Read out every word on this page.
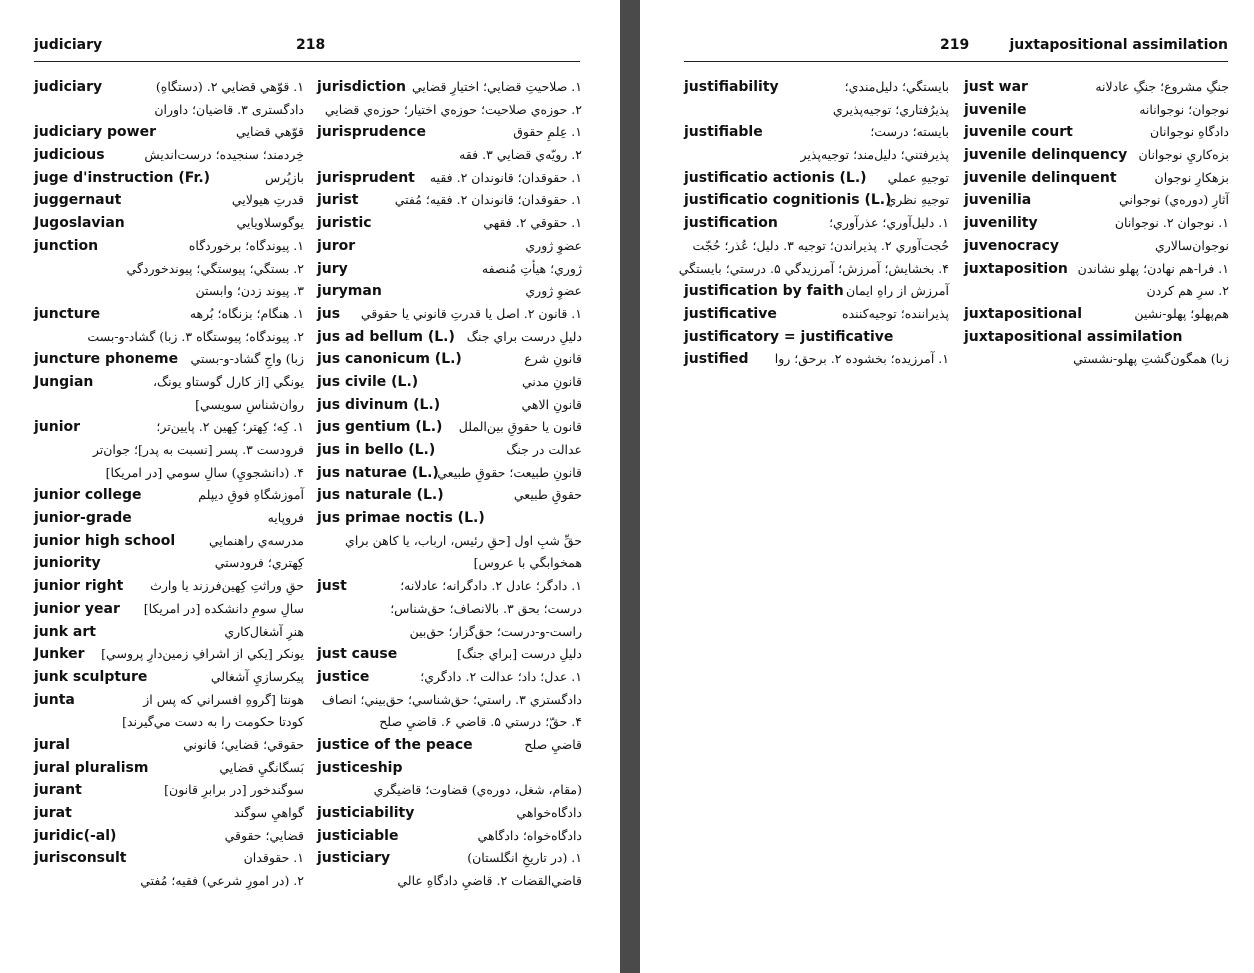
judiciary	218
judiciary	۱. قوّهي قضايي ۲. (دستگاهِ)
دادگستری ۳. قاضيان؛ داوران
judiciary power	قوّهي قضايي
judicious	خِردمند؛ سنجيده؛ درست‌انديش
juge d'instruction (Fr.)	بازپُرس
juggernaut	قدرتِ هيولايي
Jugoslavian	يوگوسلاويايي
junction	۱. پيوندگاه؛ برخوردگاه
۲. بستگي؛ پيوستگي؛ پيوندخوردگي
۳. پيوند زدن؛ وابستن
juncture	۱. هنگام؛ بزنگاه؛ بُرهه
۲. پيوندگاه؛ پيوستگاه ۳. زبا) گشاد-و-بست
juncture phoneme زبا) واجِ گشاد-و-بستي
Jungian	يونگي [از كارل گوستاو يونگ،
روان‌شناسِ سويسي]
junior	۱. كِه‌؛ كِهتر؛ كِهين ۲. پايين‌تر؛
فرودست ۳. پسر [نسبت به پدر]؛ جوان‌تر
۴. (دانشجويِ) سالِ سومي [در امريكا]
junior college	آموزشگاهِ فوقِ ديپلم
junior-grade	فروپايه
junior high school	مدرسه‌ي راهنمايي
juniority	كِهتري؛ فرودستي
junior right حقِ وراثتِ كِهين‌فرزند يا وارث
junior year سالِ سومِ دانشكده [در امريكا]
junk art	هنرِ آشغال‌كاري
Junker يونكر [يكي از اشرافِ زمين‌دارِ پروسي]
junk sculpture	پيكرسازيِ آشغالي
junta	هونتا [گروهِ افسراني كه پس از
كودتا حكومت را به دست مي‌گيرند]
jural	حقوقي؛ قضايي؛ قانوني
jural pluralism	بَسگانگيِ قضايي
jurant	سوگندخور [در برابرِ قانون]
jurat	گواهيِ سوگند
juridic(-al)	قضايي؛ حقوقي
jurisconsult	۱. حقوقدان
۲. (در امورِ شرعي) فقيه؛ مُفتي
jurisdiction ۱. صلاحيتِ قضايي؛ اختيارِ قضايي
۲. حوزه‌ي صلاحيت؛ حوزه‌ي اختيار؛ حوزه‌ي قضايي
jurisprudence	۱. عِلمِ حقوق
۲. رويّه‌ي قضايي ۳. فقه
jurisprudent ۱. حقوقدان؛ قانوندان ۲. فقيه
jurist	۱. حقوقدان؛ قانوندان ۲. فقيه؛ مُفتي
juristic	۱. حقوقي ۲. فقهي
juror	عضوِ ژوري
jury	ژوري؛ هيأتِ مُنصفه
juryman	عضوِ ژوري
jus ۱. قانون ۲. اصل يا قدرتِ قانوني يا حقوقي
jus ad bellum (L.) دليلِ درست براي جنگ
jus canonicum (L.)	قانونِ شرع
jus civile (L.)	قانونِ مدني
jus divinum (L.)	قانونِ الاهي
jus gentium (L.) قانون يا حقوقِ بين‌الملل
jus in bello (L.)	عدالت در جنگ
jus naturae (L.)
قانونِ طبيعت؛ حقوقِ طبيعي
jus naturale (L.)	حقوقِ طبيعي
jus primae noctis (L.)
حقِّ شبِ اول [حقِ رئيس، ارباب، يا كاهن براي
همخوابگي با عروس]
just	۱. دادگر؛ عادل ۲. دادگرانه؛ عادلانه؛
درست؛ بحق ۳. بالانصاف؛ حق‌شناس؛
راست-و-درست؛ حق‌گزار؛ حق‌بين
just cause	دليلِ درست [براي جنگ]
justice	۱. عدل؛ داد؛ عدالت ۲. دادگري؛
دادگستري ۳. راستي؛ حق‌شناسي؛ حق‌بيني؛ انصاف
۴. حقّ؛ درستي ۵. قاضي ۶. قاضيِ صلح
justice of the peace	قاضيِ صلح
justiceship
(مقام، شغل، دوره‌ي) قضاوت؛ قاضيگري
justiciability	دادگاه‌خواهي
justiciable	دادگاه‌خواه؛ دادگاهي
justiciary	۱. (در تاريخِ انگلستان)
قاضي‌القضات ۲. قاضيِ دادگاهِ عالي
219	juxtapositional assimilation
justifiability	بايستگي؛ دليل‌مندي؛
پذيرُفتاري؛ توجيه‌پذيري
justifiable	بايسته؛ درست؛
پذيرفتني؛ دليل‌مند؛ توجيه‌پذير
justificatio actionis (L.) توجيهِ عملي
justificatio cognitionis (L.)
توجيهِ نظري
justification	۱. دليل‌آوري؛ عذرآوري؛
حُجت‌آوري ۲. پذيراندن؛ توجيه ۳. دليل؛ عُذر؛ حُجّت
۴. بخشايش؛ آمرزش؛ آمرزيدگي ۵. درستي؛ بايستگي
justification by faith آمرزش از راهِ ايمان
justificative	پذيراننده؛ توجيه‌كننده
justificatory = justificative
justified ۱. آمرزيده؛ بخشوده ۲. برحق؛ روا
just war	جنگِ مشروع؛ جنگِ عادلانه
juvenile	نوجوان؛ نوجوانانه
juvenile court	دادگاهِ نوجوانان
juvenile delinquency بزه‌كاريِ نوجوانان
juvenile delinquent	بزهكارِ نوجوان
juvenilia	آثارِ (دوره‌ي) نوجواني
juvenility	۱. نوجوان ۲. نوجوانان
juvenocracy	نوجوان‌سالاري
juxtaposition ۱. فرا-هم نهادن؛ پهلو نشاندن
۲. سرِ هم كردن
juxtapositional	هم‌پهلو؛ پهلو-نشين
juxtapositional assimilation
زبا) همگون‌گشتِ پهلو-نشستي
